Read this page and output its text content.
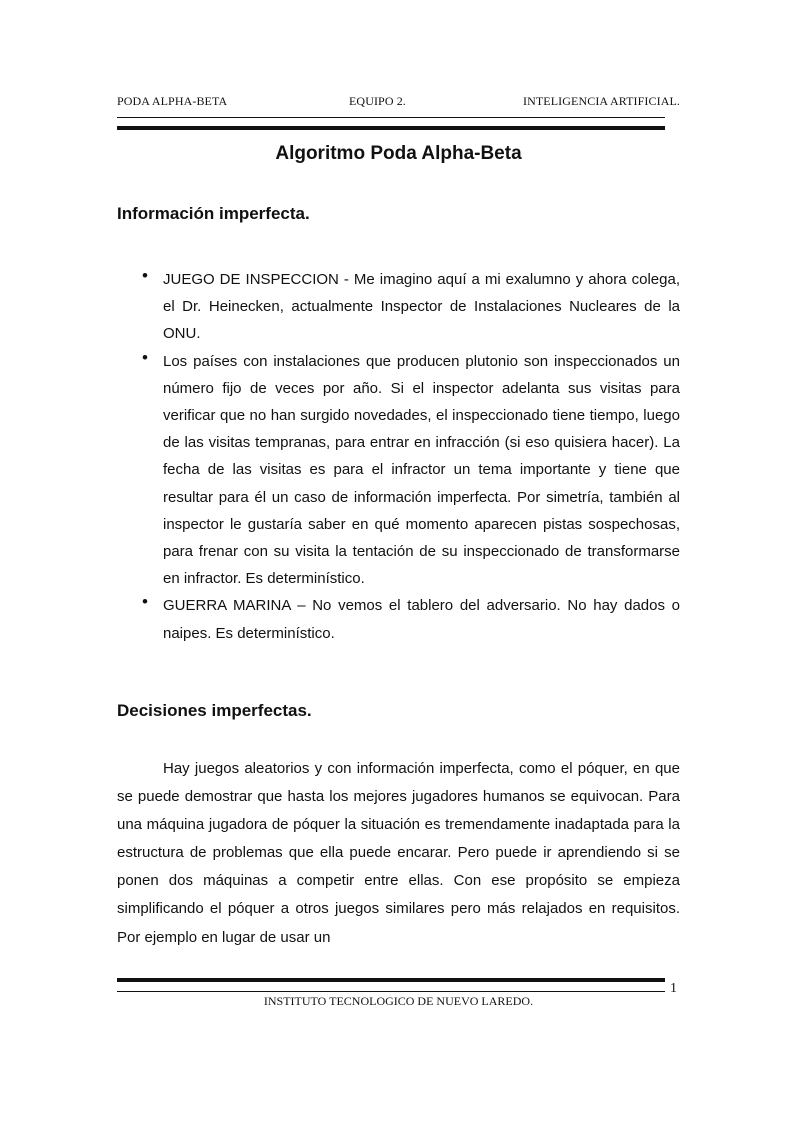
PODA ALPHA-BETA	EQUIPO 2.	INTELIGENCIA ARTIFICIAL.
Algoritmo Poda Alpha-Beta
Información imperfecta.
• JUEGO DE INSPECCION - Me imagino aquí a mi exalumno y ahora colega, el Dr. Heinecken, actualmente Inspector de Instalaciones Nucleares de la ONU.
• Los países con instalaciones que producen plutonio son inspeccionados un número fijo de veces por año. Si el inspector adelanta sus visitas para verificar que no han surgido novedades, el inspeccionado tiene tiempo, luego de las visitas tempranas, para entrar en infracción (si eso quisiera hacer). La fecha de las visitas es para el infractor un tema importante y tiene que resultar para él un caso de información imperfecta. Por simetría, también al inspector le gustaría saber en qué momento aparecen pistas sospechosas, para frenar con su visita la tentación de su inspeccionado de transformarse en infractor. Es determinístico.
• GUERRA MARINA – No vemos el tablero del adversario. No hay dados o naipes. Es determinístico.
Decisiones imperfectas.

Hay juegos aleatorios y con información imperfecta, como el póquer, en que se puede demostrar que hasta los mejores jugadores humanos se equivocan. Para una máquina jugadora de póquer la situación es tremendamente inadaptada para la estructura de problemas que ella puede encarar. Pero puede ir aprendiendo si se ponen dos máquinas a competir entre ellas. Con ese propósito se empieza simplificando el póquer a otros juegos similares pero más relajados en requisitos. Por ejemplo en lugar de usar un

1
INSTITUTO TECNOLOGICO DE NUEVO LAREDO.
